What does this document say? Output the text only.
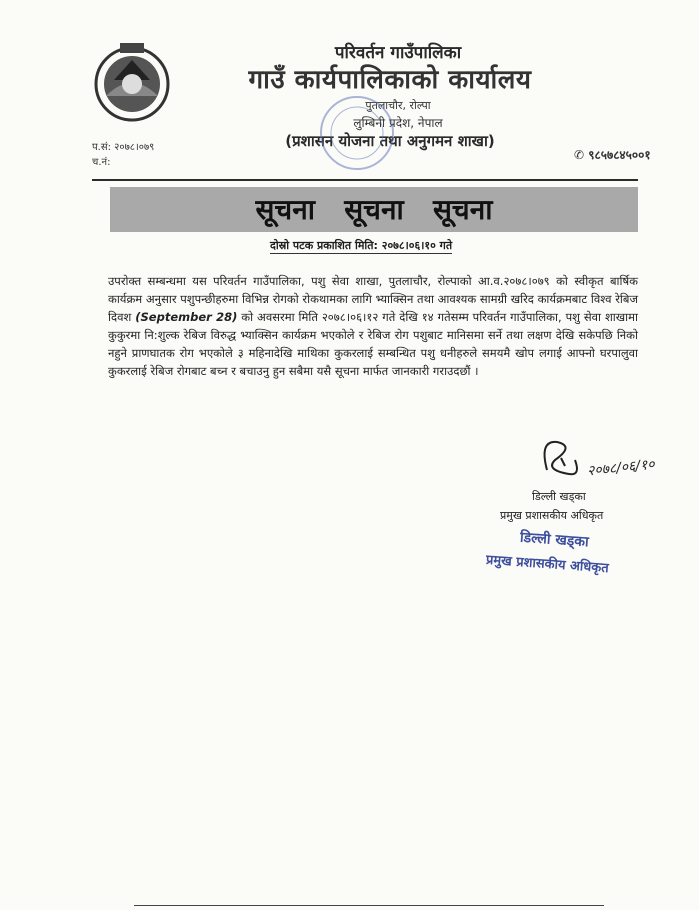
परिवर्तन गाउँपालिका
गाउँ कार्यपालिकाको कार्यालय
पुतलाचौर, रोल्पा
लुम्बिनी प्रदेश, नेपाल
(प्रशासन योजना तथा अनुगमन शाखा)
प.सं: २०७८।०७९
च.नं:
✆ ९८५७८४५००१
सूचना   सूचना   सूचना
दोस्रो पटक प्रकाशित मिति: २०७८।०६।१० गते
उपरोक्त सम्बन्धमा यस परिवर्तन गाउँपालिका, पशु सेवा शाखा, पुतलाचौर, रोल्पाको आ.व.२०७८।०७९ को स्वीकृत बार्षिक कार्यक्रम अनुसार पशुपन्छीहरुमा विभिन्न रोगको रोकथामका लागि भ्याक्सिन तथा आवश्यक सामग्री खरिद कार्यक्रमबाट विश्व रेबिज दिवश (September 28) को अवसरमा मिति २०७८।०६।१२ गते देखि १४ गतेसम्म परिवर्तन गाउँपालिका, पशु सेवा शाखामा कुकुरमा नि:शुल्क रेबिज विरुद्ध भ्याक्सिन कार्यक्रम भएकोले र रेबिज रोग पशुबाट मानिसमा सर्ने तथा लक्षण देखि सकेपछि निको नहुने प्राणघातक रोग भएकोले ३ महिनादेखि माथिका कुकरलाई सम्बन्धित पशु धनीहरुले समयमै खोप लगाई आफ्नो घरपालुवा कुकरलाई रेबिज रोगबाट बच्न र बचाउनु हुन सबैमा यसै सूचना मार्फत जानकारी गराउदछौं ।
२०७८/०६/१०
डिल्ली खड्का
प्रमुख प्रशासकीय अधिकृत
डिल्ली खड्का
प्रमुख प्रशासकीय अधिकृत
